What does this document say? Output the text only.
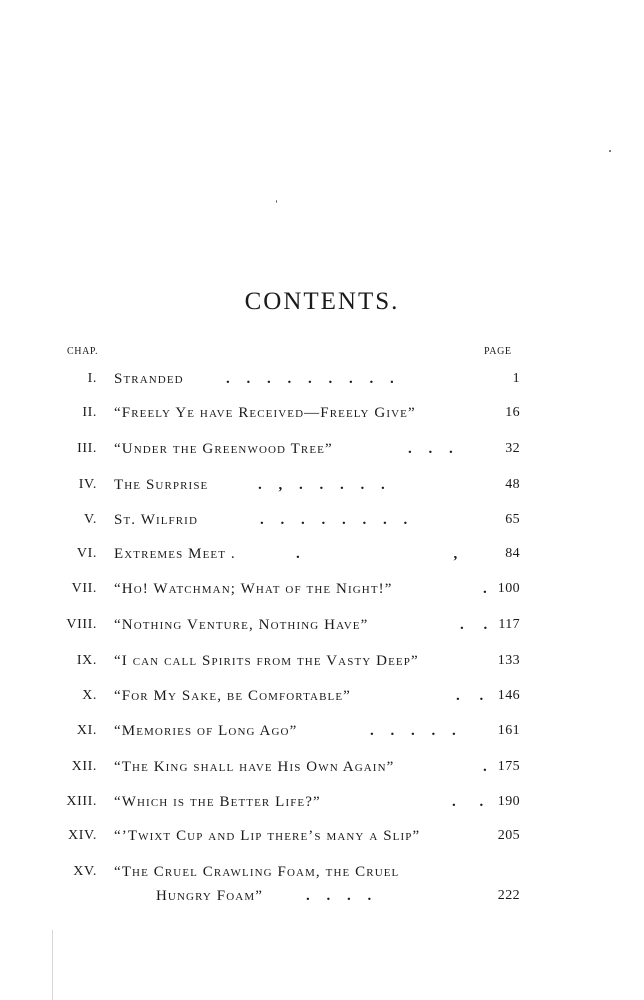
CONTENTS.
CHAP.	PAGE
I. Stranded	. . . . . . . . .	1
II. “Freely Ye have Received—Freely Give”	16
III. “Under the Greenwood Tree”	. . .	32
IV. The Surprise	. , . . . . .	48
V. St. Wilfrid	. . . . . . . .	65
VI. Extremes Meet .	. ,	84
VII. “Ho! Watchman; What of the Night!”	. 100
VIII. “Nothing Venture, Nothing Have”	. . 117
IX. “I can call Spirits from the Vasty Deep”	133
X. “For My Sake, be Comfortable”	. . 146
XI. “Memories of Long Ago”	. . . . .	161
XII. “The King shall have His Own Again”	. 175
XIII. “Which is the Better Life?”	. . 190
XIV. “’Twixt Cup and Lip there’s many a Slip”	205
XV. “The Cruel Crawling Foam, the Cruel
Hungry Foam”	. . . .	222
